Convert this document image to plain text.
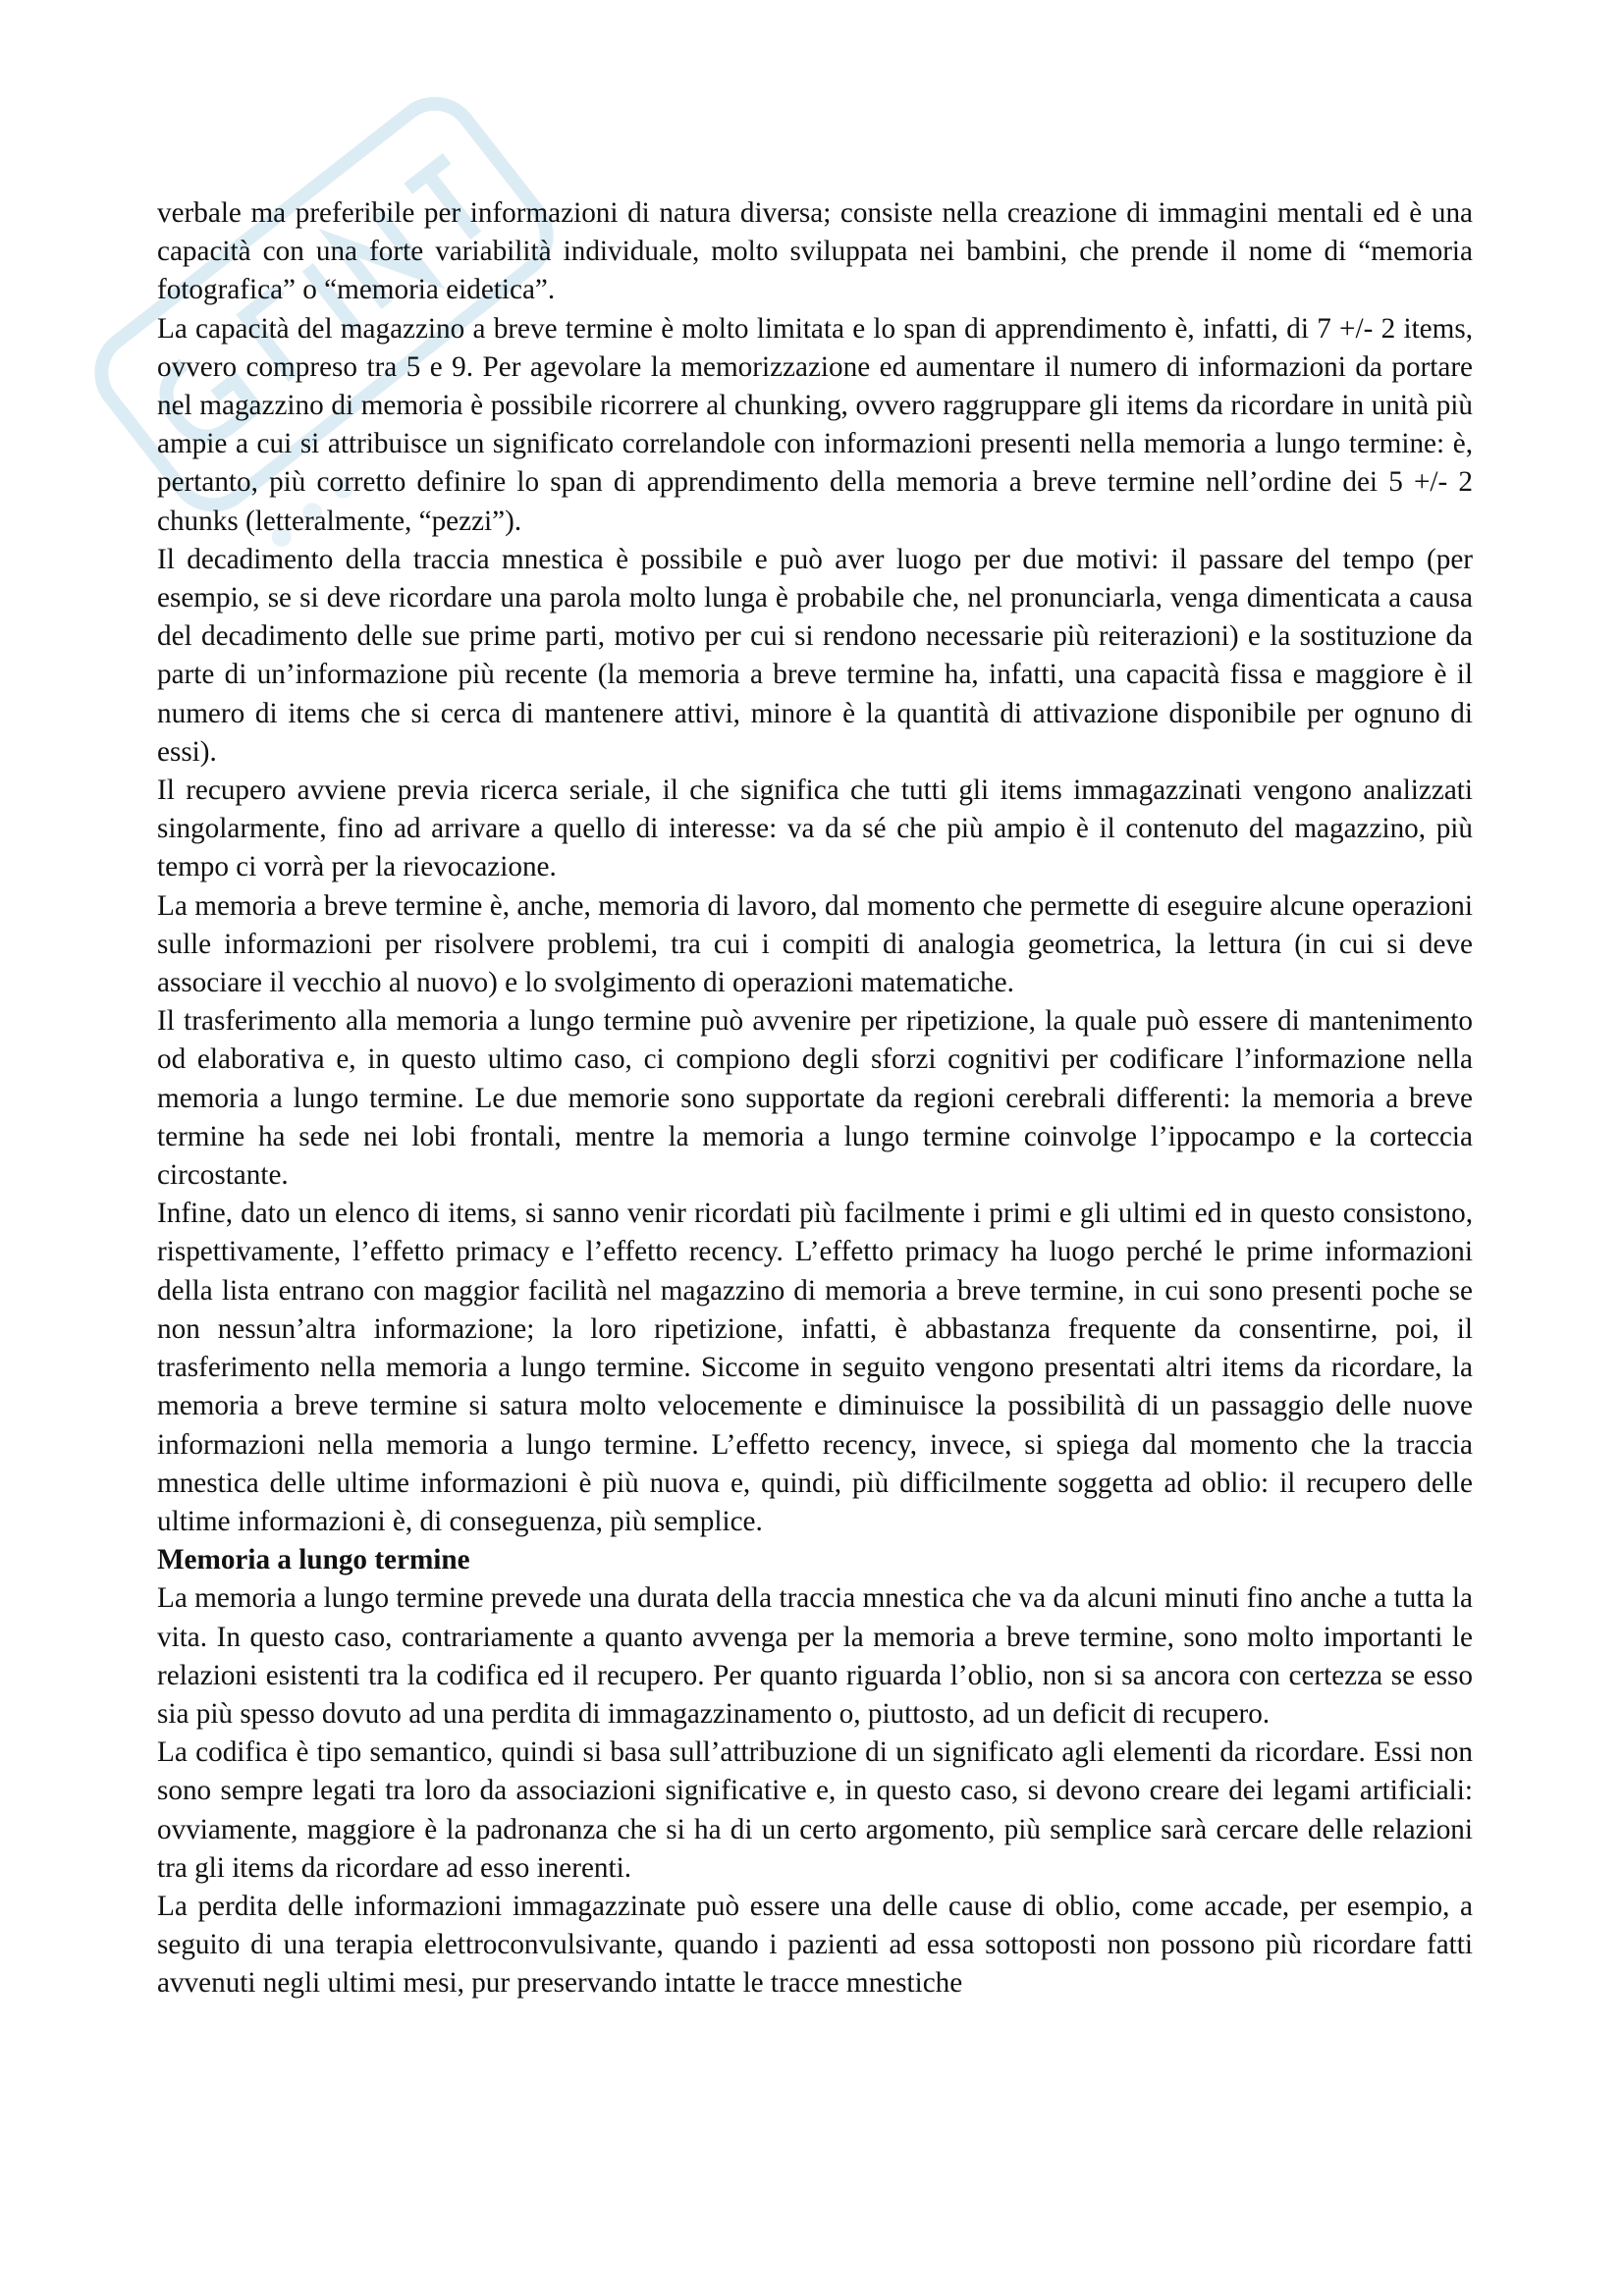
verbale ma preferibile per informazioni di natura diversa; consiste nella creazione di immagini mentali ed è una capacità con una forte variabilità individuale, molto sviluppata nei bambini, che prende il nome di “memoria fotografica” o “memoria eidetica”.

La capacità del magazzino a breve termine è molto limitata e lo span di apprendimento è, infatti, di 7 +/- 2 items, ovvero compreso tra 5 e 9. Per agevolare la memorizzazione ed aumentare il numero di informazioni da portare nel magazzino di memoria è possibile ricorrere al chunking, ovvero raggruppare gli items da ricordare in unità più ampie a cui si attribuisce un significato correlandole con informazioni presenti nella memoria a lungo termine: è, pertanto, più corretto definire lo span di apprendimento della memoria a breve termine nell’ordine dei 5 +/- 2 chunks (letteralmente, “pezzi”).

Il decadimento della traccia mnestica è possibile e può aver luogo per due motivi: il passare del tempo (per esempio, se si deve ricordare una parola molto lunga è probabile che, nel pronunciarla, venga dimenticata a causa del decadimento delle sue prime parti, motivo per cui si rendono necessarie più reiterazioni) e la sostituzione da parte di un’informazione più recente (la memoria a breve termine ha, infatti, una capacità fissa e maggiore è il numero di items che si cerca di mantenere attivi, minore è la quantità di attivazione disponibile per ognuno di essi).

Il recupero avviene previa ricerca seriale, il che significa che tutti gli items immagazzinati vengono analizzati singolarmente, fino ad arrivare a quello di interesse: va da sé che più ampio è il contenuto del magazzino, più tempo ci vorrà per la rievocazione.

La memoria a breve termine è, anche, memoria di lavoro, dal momento che permette di eseguire alcune operazioni sulle informazioni per risolvere problemi, tra cui i compiti di analogia geometrica, la lettura (in cui si deve associare il vecchio al nuovo) e lo svolgimento di operazioni matematiche.

Il trasferimento alla memoria a lungo termine può avvenire per ripetizione, la quale può essere di mantenimento od elaborativa e, in questo ultimo caso, ci compiono degli sforzi cognitivi per codificare l’informazione nella memoria a lungo termine. Le due memorie sono supportate da regioni cerebrali differenti: la memoria a breve termine ha sede nei lobi frontali, mentre la memoria a lungo termine coinvolge l’ippocampo e la corteccia circostante.

Infine, dato un elenco di items, si sanno venir ricordati più facilmente i primi e gli ultimi ed in questo consistono, rispettivamente, l’effetto primacy e l’effetto recency. L’effetto primacy ha luogo perché le prime informazioni della lista entrano con maggior facilità nel magazzino di memoria a breve termine, in cui sono presenti poche se non nessun’altra informazione; la loro ripetizione, infatti, è abbastanza frequente da consentirne, poi, il trasferimento nella memoria a lungo termine. Siccome in seguito vengono presentati altri items da ricordare, la memoria a breve termine si satura molto velocemente e diminuisce la possibilità di un passaggio delle nuove informazioni nella memoria a lungo termine. L’effetto recency, invece, si spiega dal momento che la traccia mnestica delle ultime informazioni è più nuova e, quindi, più difficilmente soggetta ad oblio: il recupero delle ultime informazioni è, di conseguenza, più semplice.

Memoria a lungo termine

La memoria a lungo termine prevede una durata della traccia mnestica che va da alcuni minuti fino anche a tutta la vita. In questo caso, contrariamente a quanto avvenga per la memoria a breve termine, sono molto importanti le relazioni esistenti tra la codifica ed il recupero. Per quanto riguarda l’oblio, non si sa ancora con certezza se esso sia più spesso dovuto ad una perdita di immagazzinamento o, piuttosto, ad un deficit di recupero.

La codifica è tipo semantico, quindi si basa sull’attribuzione di un significato agli elementi da ricordare. Essi non sono sempre legati tra loro da associazioni significative e, in questo caso, si devono creare dei legami artificiali: ovviamente, maggiore è la padronanza che si ha di un certo argomento, più semplice sarà cercare delle relazioni tra gli items da ricordare ad esso inerenti.

La perdita delle informazioni immagazzinate può essere una delle cause di oblio, come accade, per esempio, a seguito di una terapia elettroconvulsivante, quando i pazienti ad essa sottoposti non possono più ricordare fatti avvenuti negli ultimi mesi, pur preservando intatte le tracce mnestiche
